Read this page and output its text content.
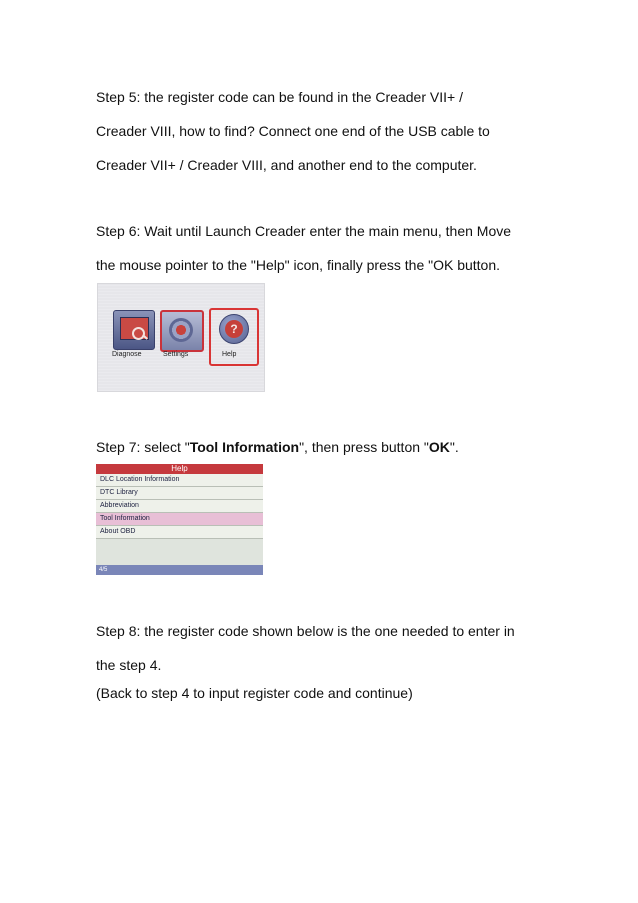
Step 5: the register code can be found in the Creader VII+ /

Creader VIII, how to find? Connect one end of the USB cable to

Creader VII+ / Creader VIII, and another end to the computer.

Step 6: Wait until Launch Creader enter the main menu, then Move

the mouse pointer to the "Help" icon, finally press the "OK button.

?
Diagnose	Settings	Help

Step 7: select "Tool Information", then press button "OK".

Help
DLC Location Information
DTC Library
Abbreviation
Tool Information
About OBD
4/5

Step 8: the register code shown below is the one needed to enter in

the step 4.

(Back to step 4 to input register code and continue)
